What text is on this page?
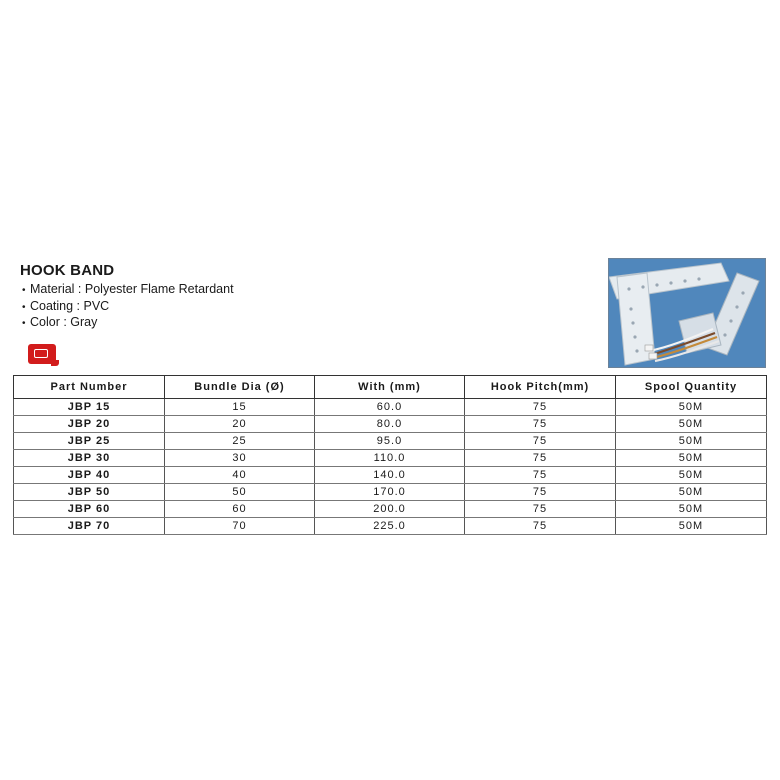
HOOK BAND
• Material : Polyester Flame Retardant
• Coating : PVC
• Color : Gray
Part Number	Bundle Dia (Ø)	With (mm)	Hook Pitch(mm)	Spool Quantity
JBP 15	15	60.0	75	50M
JBP 20	20	80.0	75	50M
JBP 25	25	95.0	75	50M
JBP 30	30	110.0	75	50M
JBP 40	40	140.0	75	50M
JBP 50	50	170.0	75	50M
JBP 60	60	200.0	75	50M
JBP 70	70	225.0	75	50M
